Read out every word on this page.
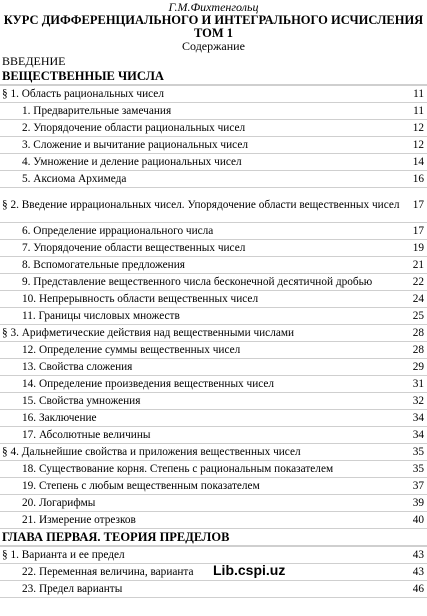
Г.М.Фихтенгольц
КУРС ДИФФЕРЕНЦИАЛЬНОГО И ИНТЕГРАЛЬНОГО ИСЧИСЛЕНИЯ
ТОМ 1
Содержание
ВВЕДЕНИЕ
ВЕЩЕСТВЕННЫЕ ЧИСЛА
§ 1. Область рациональных чисел	11
1. Предварительные замечания	11
2. Упорядочение области рациональных чисел	12
3. Сложение и вычитание рациональных чисел	12
4. Умножение и деление рациональных чисел	14
5. Аксиома Архимеда	16
§ 2. Введение иррациональных чисел. Упорядочение области вещественных чисел	17
6. Определение иррационального числа	17
7. Упорядочение области вещественных чисел	19
8. Вспомогательные предложения	21
9. Представление вещественного числа бесконечной десятичной дробью	22
10. Непрерывность области вещественных чисел	24
11. Границы числовых множеств	25
§ 3. Арифметические действия над вещественными числами	28
12. Определение суммы вещественных чисел	28
13. Свойства сложения	29
14. Определение произведения вещественных чисел	31
15. Свойства умножения	32
16. Заключение	34
17. Абсолютные величины	34
§ 4. Дальнейшие свойства и приложения вещественных чисел	35
18. Существование корня. Степень с рациональным показателем	35
19. Степень с любым вещественным показателем	37
20. Логарифмы	39
21. Измерение отрезков	40
ГЛАВА ПЕРВАЯ. ТЕОРИЯ ПРЕДЕЛОВ
§ 1. Варианта и ее предел	43
22. Переменная величина, варианта	43
23. Предел варианты	46
Lib.cspi.uz
